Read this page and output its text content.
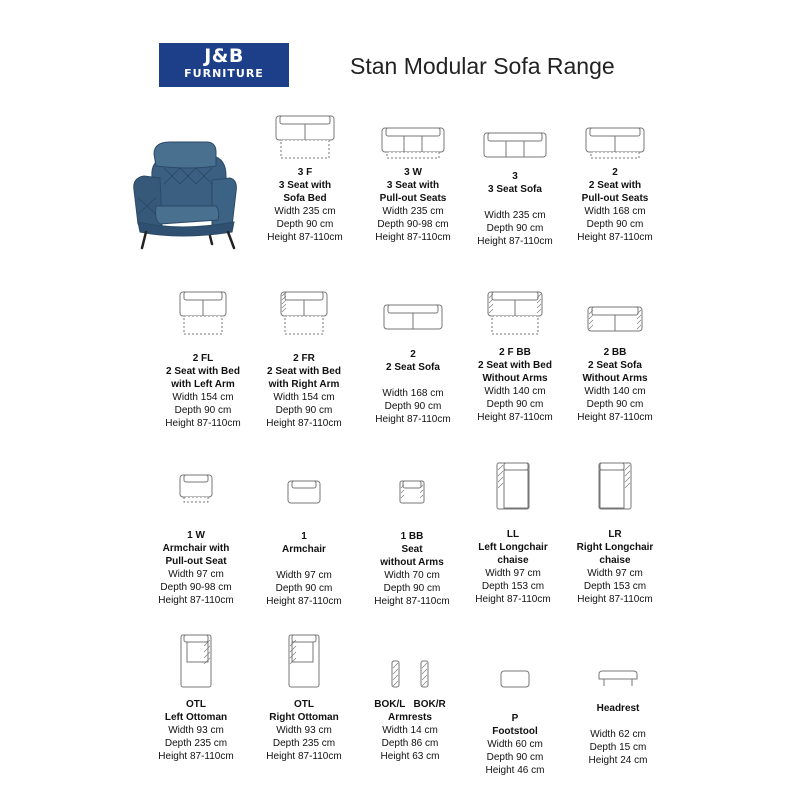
J&B
FURNITURE	Stan Modular Sofa Range
3 F
3 Seat with
Sofa Bed
Width 235 cm
Depth 90 cm
Height 87-110cm
3 W
3 Seat with
Pull-out Seats
Width 235 cm
Depth 90-98 cm
Height 87-110cm
3
3 Seat Sofa
Width 235 cm
Depth 90 cm
Height 87-110cm
2
2 Seat with
Pull-out Seats
Width 168 cm
Depth 90 cm
Height 87-110cm
2 FL
2 Seat with Bed
with Left Arm
Width 154 cm
Depth 90 cm
Height 87-110cm
2 FR
2 Seat with Bed
with Right Arm
Width 154 cm
Depth 90 cm
Height 87-110cm
2
2 Seat Sofa
Width 168 cm
Depth 90 cm
Height 87-110cm
2 F BB
2 Seat with Bed
Without Arms
Width 140 cm
Depth 90 cm
Height 87-110cm
2 BB
2 Seat Sofa
Without Arms
Width 140 cm
Depth 90 cm
Height 87-110cm
1 W
Armchair with
Pull-out Seat
Width 97 cm
Depth 90-98 cm
Height 87-110cm
1
Armchair
Width 97 cm
Depth 90 cm
Height 87-110cm
1 BB
Seat
without Arms
Width 70 cm
Depth 90 cm
Height 87-110cm
LL
Left Longchair
chaise
Width 97 cm
Depth 153 cm
Height 87-110cm
LR
Right Longchair
chaise
Width 97 cm
Depth 153 cm
Height 87-110cm
OTL
Left Ottoman
Width 93 cm
Depth 235 cm
Height 87-110cm
OTL
Right Ottoman
Width 93 cm
Depth 235 cm
Height 87-110cm
BOK/L   BOK/R
Armrests
Width 14 cm
Depth 86 cm
Height 63 cm
P
Footstool
Width 60 cm
Depth 90 cm
Height 46 cm
Headrest
Width 62 cm
Depth 15 cm
Height 24 cm
